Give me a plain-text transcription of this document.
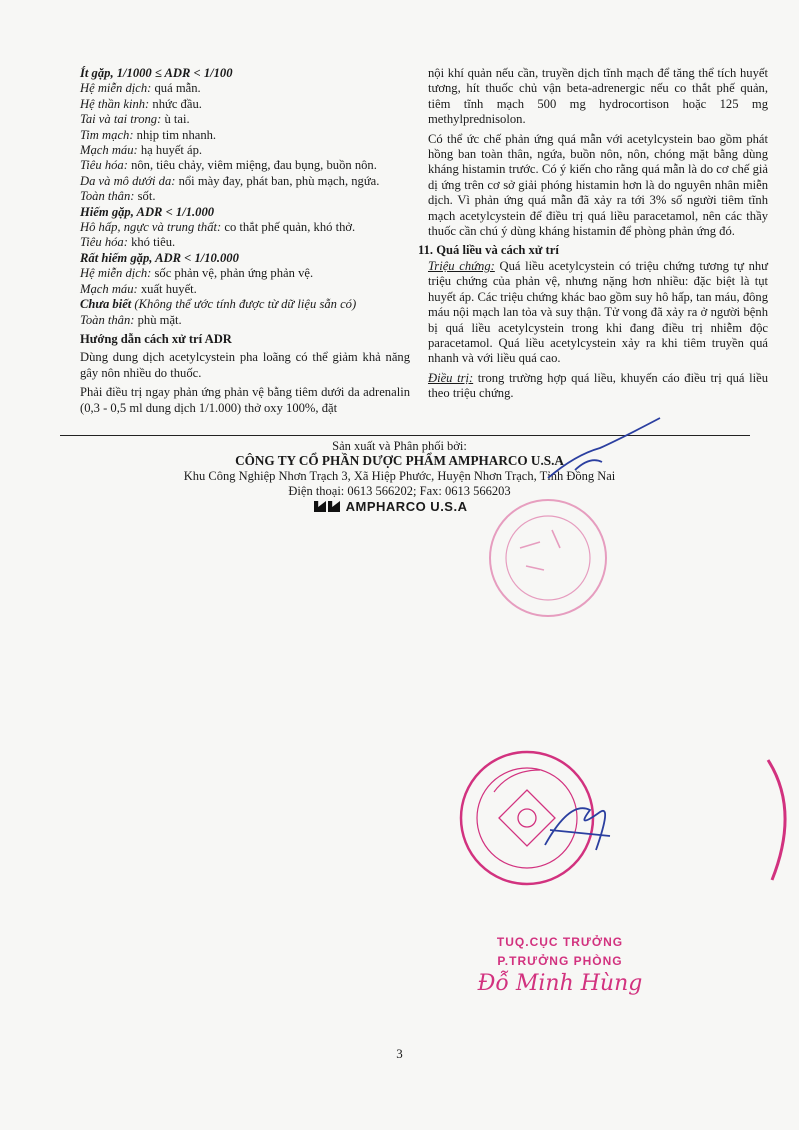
Ít gặp, 1/1000 ≤ ADR < 1/100
Hệ miễn dịch: quá mẫn.
Hệ thần kinh: nhức đầu.
Tai và tai trong: ù tai.
Tim mạch: nhịp tim nhanh.
Mạch máu: hạ huyết áp.
Tiêu hóa: nôn, tiêu chảy, viêm miệng, đau bụng, buồn nôn.
Da và mô dưới da: nổi mày đay, phát ban, phù mạch, ngứa.
Toàn thân: sốt.
Hiếm gặp, ADR < 1/1.000
Hô hấp, ngực và trung thất: co thắt phế quản, khó thở.
Tiêu hóa: khó tiêu.
Rất hiếm gặp, ADR < 1/10.000
Hệ miễn dịch: sốc phản vệ, phản ứng phản vệ.
Mạch máu: xuất huyết.
Chưa biết (Không thể ước tính được từ dữ liệu sẵn có)
Toàn thân: phù mặt.
Hướng dẫn cách xử trí ADR

Dùng dung dịch acetylcystein pha loãng có thể giảm khả năng gây nôn nhiều do thuốc.

Phải điều trị ngay phản ứng phản vệ bằng tiêm dưới da adrenalin (0,3 - 0,5 ml dung dịch 1/1.000) thở oxy 100%, đặt

nội khí quản nếu cần, truyền dịch tĩnh mạch để tăng thể tích huyết tương, hít thuốc chủ vận beta-adrenergic nếu co thắt phế quản, tiêm tĩnh mạch 500 mg hydrocortison hoặc 125 mg methylprednisolon.

Có thể ức chế phản ứng quá mẫn với acetylcystein bao gồm phát hồng ban toàn thân, ngứa, buồn nôn, nôn, chóng mặt bằng dùng kháng histamin trước. Có ý kiến cho rằng quá mẫn là do cơ chế giả dị ứng trên cơ sở giải phóng histamin hơn là do nguyên nhân miễn dịch. Vì phản ứng quá mẫn đã xảy ra tới 3% số người tiêm tĩnh mạch acetylcystein để điều trị quá liều paracetamol, nên các thầy thuốc cần chú ý dùng kháng histamin để phòng phản ứng đó.

11. Quá liều và cách xử trí

Triệu chứng: Quá liều acetylcystein có triệu chứng tương tự như triệu chứng của phản vệ, nhưng nặng hơn nhiều: đặc biệt là tụt huyết áp. Các triệu chứng khác bao gồm suy hô hấp, tan máu, đông máu nội mạch lan tỏa và suy thận. Tử vong đã xảy ra ở người bệnh bị quá liều acetylcystein trong khi đang điều trị nhiễm độc paracetamol. Quá liều acetylcystein xảy ra khi tiêm truyền quá nhanh và với liều quá cao.

Điều trị: trong trường hợp quá liều, khuyến cáo điều trị quá liều theo triệu chứng.

Sản xuất và Phân phối bởi:
CÔNG TY CỔ PHẦN DƯỢC PHẨM AMPHARCO U.S.A
Khu Công Nghiệp Nhơn Trạch 3, Xã Hiệp Phước, Huyện Nhơn Trạch, Tỉnh Đồng Nai
Điện thoại: 0613 566202; Fax: 0613 566203
AMPHARCO U.S.A
TUQ.CỤC TRƯỞNG
P.TRƯỞNG PHÒNG
Đỗ Minh Hùng
3
